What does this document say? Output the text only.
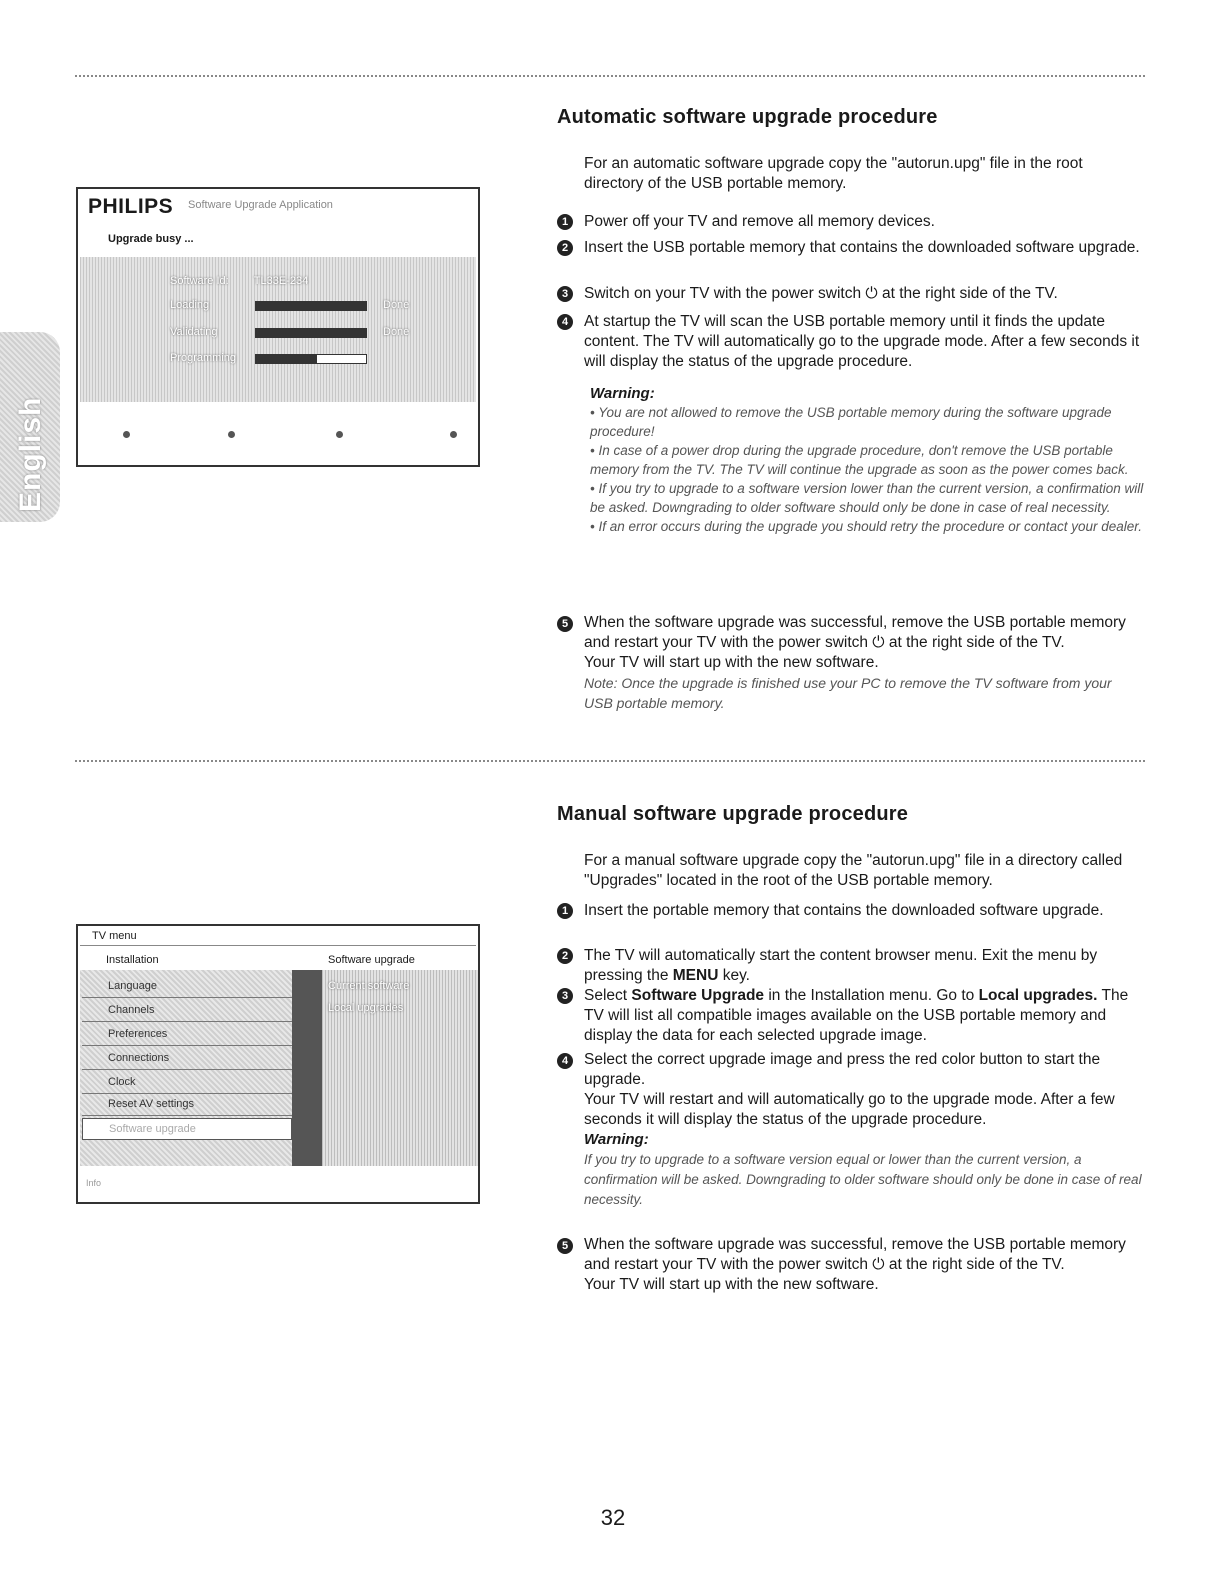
English
PHILIPS Software Upgrade Application
Upgrade busy ...
Software Id: TL33E-234
Loading	Done
Validating	Done
Programming
Automatic software upgrade procedure

For an automatic software upgrade copy the "autorun.upg" file in the root directory of the USB portable memory.

1	Power off your TV and remove all memory devices.

2	Insert the USB portable memory that contains the downloaded software upgrade.

3	Switch on your TV with the power switch ⏻ at the right side of the TV.

4	At startup the TV will scan the USB portable memory until it finds the update content. The TV will automatically go to the upgrade mode. After a few seconds it will display the status of the upgrade procedure.

Warning:

• You are not allowed to remove the USB portable memory during the software upgrade procedure!

• In case of a power drop during the upgrade procedure, don't remove the USB portable memory from the TV. The TV will continue the upgrade as soon as the power comes back.

• If you try to upgrade to a software version lower than the current version, a confirmation will be asked. Downgrading to older software should only be done in case of real necessity.

• If an error occurs during the upgrade you should retry the procedure or contact your dealer.

5	When the software upgrade was successful, remove the USB portable memory and restart your TV with the power switch ⏻ at the right side of the TV.

Your TV will start up with the new software.

Note: Once the upgrade is finished use your PC to remove the TV software from your USB portable memory.

TV menu
Installation	Software upgrade
Language
Channels
Preferences
Connections
Clock
Reset AV settings
Software upgrade
Current software
Local upgrades
Info
Manual software upgrade procedure

For a manual software upgrade copy the "autorun.upg" file in a directory called "Upgrades" located in the root of the USB portable memory.

1	Insert the portable memory that contains the downloaded software upgrade.

2	The TV will automatically start the content browser menu. Exit the menu by pressing the MENU key.

3	Select Software Upgrade in the Installation menu. Go to Local upgrades. The TV will list all compatible images available on the USB portable memory and display the data for each selected upgrade image.

4	Select the correct upgrade image and press the red color button to start the upgrade.

Your TV will restart and will automatically go to the upgrade mode. After a few seconds it will display the status of the upgrade procedure.

Warning:

If you try to upgrade to a software version equal or lower than the current version, a confirmation will be asked. Downgrading to older software should only be done in case of real necessity.

5	When the software upgrade was successful, remove the USB portable memory and restart your TV with the power switch ⏻ at the right side of the TV.

Your TV will start up with the new software.

32
